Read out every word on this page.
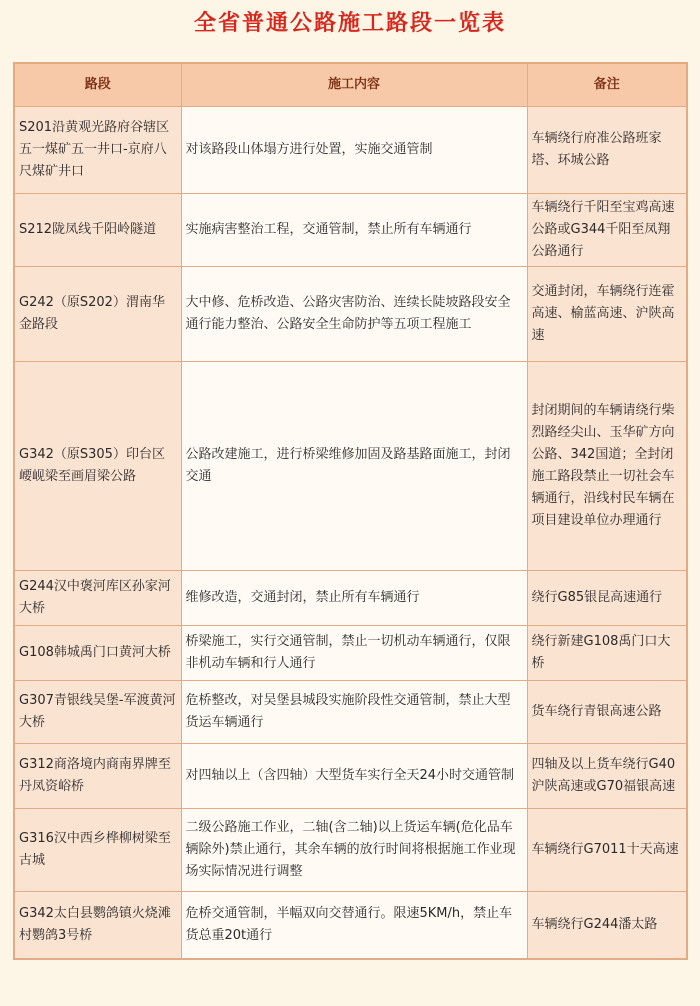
全省普通公路施工路段一览表
路段	施工内容	备注
S201沿黄观光路府谷辖区五一煤矿五一井口-京府八尺煤矿井口	对该路段山体塌方进行处置，实施交通管制	车辆绕行府准公路班家塔、环城公路
S212陇凤线千阳岭隧道	实施病害整治工程，交通管制，禁止所有车辆通行	车辆绕行千阳至宝鸡高速公路或G344千阳至凤翔公路通行
G242（原S202）渭南华金路段	大中修、危桥改造、公路灾害防治、连续长陡坡路段安全通行能力整治、公路安全生命防护等五项工程施工	交通封闭，车辆绕行连霍高速、榆蓝高速、沪陕高速
G342（原S305）印台区崾岘梁至画眉梁公路	公路改建施工，进行桥梁维修加固及路基路面施工，封闭交通	封闭期间的车辆请绕行柴烈路经尖山、玉华矿方向公路、342国道；全封闭施工路段禁止一切社会车辆通行，沿线村民车辆在项目建设单位办理通行
G244汉中褒河库区孙家河大桥	维修改造，交通封闭，禁止所有车辆通行	绕行G85银昆高速通行
G108韩城禹门口黄河大桥	桥梁施工，实行交通管制，禁止一切机动车辆通行，仅限非机动车辆和行人通行	绕行新建G108禹门口大桥
G307青银线吴堡-军渡黄河大桥	危桥整改，对吴堡县城段实施阶段性交通管制，禁止大型货运车辆通行	货车绕行青银高速公路
G312商洛境内商南界牌至丹凤资峪桥	对四轴以上（含四轴）大型货车实行全天24小时交通管制	四轴及以上货车绕行G40沪陕高速或G70福银高速
G316汉中西乡桦柳树梁至古城	二级公路施工作业，二轴(含二轴)以上货运车辆(危化品车辆除外)禁止通行，其余车辆的放行时间将根据施工作业现场实际情况进行调整	车辆绕行G7011十天高速
G342太白县鹦鸽镇火烧滩村鹦鸽3号桥	危桥交通管制，半幅双向交替通行。限速5KM/h，禁止车货总重20t通行	车辆绕行G244潘太路
